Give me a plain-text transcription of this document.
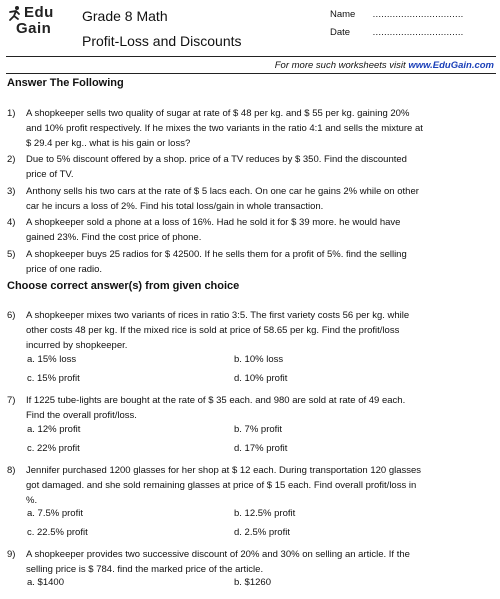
Edu
Gain
Grade 8 Math
Profit-Loss and Discounts
Name ................................
Date ................................
For more such worksheets visit www.EduGain.com
Answer The Following
1) A shopkeeper sells two quality of sugar at rate of $ 48 per kg. and $ 55 per kg. gaining 20% and 10% profit respectively. If he mixes the two variants in the ratio 4:1 and sells the mixture at $ 29.4 per kg.. what is his gain or loss?
2) Due to 5% discount offered by a shop. price of a TV reduces by $ 350. Find the discounted price of TV.
3) Anthony sells his two cars at the rate of $ 5 lacs each. On one car he gains 2% while on other car he incurs a loss of 2%. Find his total loss/gain in whole transaction.
4) A shopkeeper sold a phone at a loss of 16%. Had he sold it for $ 39 more. he would have gained 23%. Find the cost price of phone.
5) A shopkeeper buys 25 radios for $ 42500. If he sells them for a profit of 5%. find the selling price of one radio.
Choose correct answer(s) from given choice
6) A shopkeeper mixes two variants of rices in ratio 3:5. The first variety costs 56 per kg. while other costs 48 per kg. If the mixed rice is sold at price of 58.65 per kg. Find the profit/loss incurred by shopkeeper.
a. 15% loss	b. 10% loss
c. 15% profit	d. 10% profit
7) If 1225 tube-lights are bought at the rate of $ 35 each. and 980 are sold at rate of 49 each. Find the overall profit/loss.
a. 12% profit	b. 7% profit
c. 22% profit	d. 17% profit
8) Jennifer purchased 1200 glasses for her shop at $ 12 each. During transportation 120 glasses got damaged. and she sold remaining glasses at price of $ 15 each. Find overall profit/loss in %.
a. 7.5% profit	b. 12.5% profit
c. 22.5% profit	d. 2.5% profit
9) A shopkeeper provides two successive discount of 20% and 30% on selling an article. If the selling price is $ 784. find the marked price of the article.
a. $1400	b. $1260
